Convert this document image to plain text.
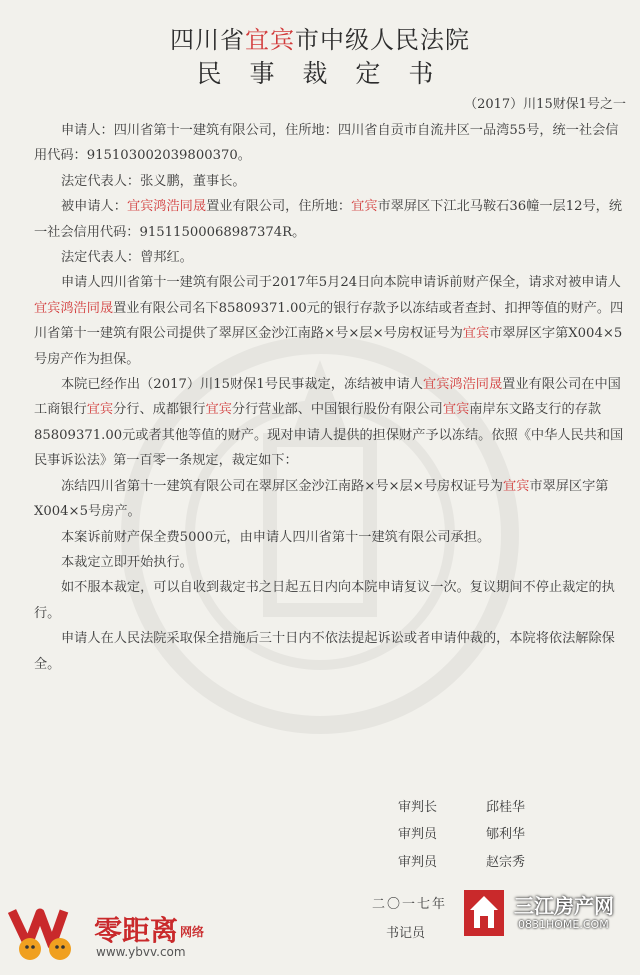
四川省宜宾市中级人民法院
民 事 裁 定 书
（2017）川15财保1号之一

申请人：四川省第十一建筑有限公司，住所地：四川省自贡市自流井区一品湾55号，统一社会信用代码：915103002039800370。

法定代表人：张义鹏，董事长。

被申请人：宜宾鸿浩同晟置业有限公司，住所地：宜宾市翠屏区下江北马鞍石36幢一层12号，统一社会信用代码：91511500068987374R。

法定代表人：曾邦红。

申请人四川省第十一建筑有限公司于2017年5月24日向本院申请诉前财产保全，请求对被申请人宜宾鸿浩同晟置业有限公司名下85809371.00元的银行存款予以冻结或者查封、扣押等值的财产。四川省第十一建筑有限公司提供了翠屏区金沙江南路×号×层×号房权证号为宜宾市翠屏区字第X004×5号房产作为担保。

本院已经作出（2017）川15财保1号民事裁定，冻结被申请人宜宾鸿浩同晟置业有限公司在中国工商银行宜宾分行、成都银行宜宾分行营业部、中国银行股份有限公司宜宾南岸东文路支行的存款85809371.00元或者其他等值的财产。现对申请人提供的担保财产予以冻结。依照《中华人民共和国民事诉讼法》第一百零一条规定，裁定如下：

冻结四川省第十一建筑有限公司在翠屏区金沙江南路×号×层×号房权证号为宜宾市翠屏区字第X004×5号房产。

本案诉前财产保全费5000元，由申请人四川省第十一建筑有限公司承担。

本裁定立即开始执行。

如不服本裁定，可以自收到裁定书之日起五日内向本院申请复议一次。复议期间不停止裁定的执行。

申请人在人民法院采取保全措施后三十日内不依法提起诉讼或者申请仲裁的，本院将依法解除保全。

审判长	邱桂华
审判员	郇利华
审判员	赵宗秀
二〇一七年
书记员
零距离 网络
www.ybvv.com
三江房产网
0831HOME.COM
